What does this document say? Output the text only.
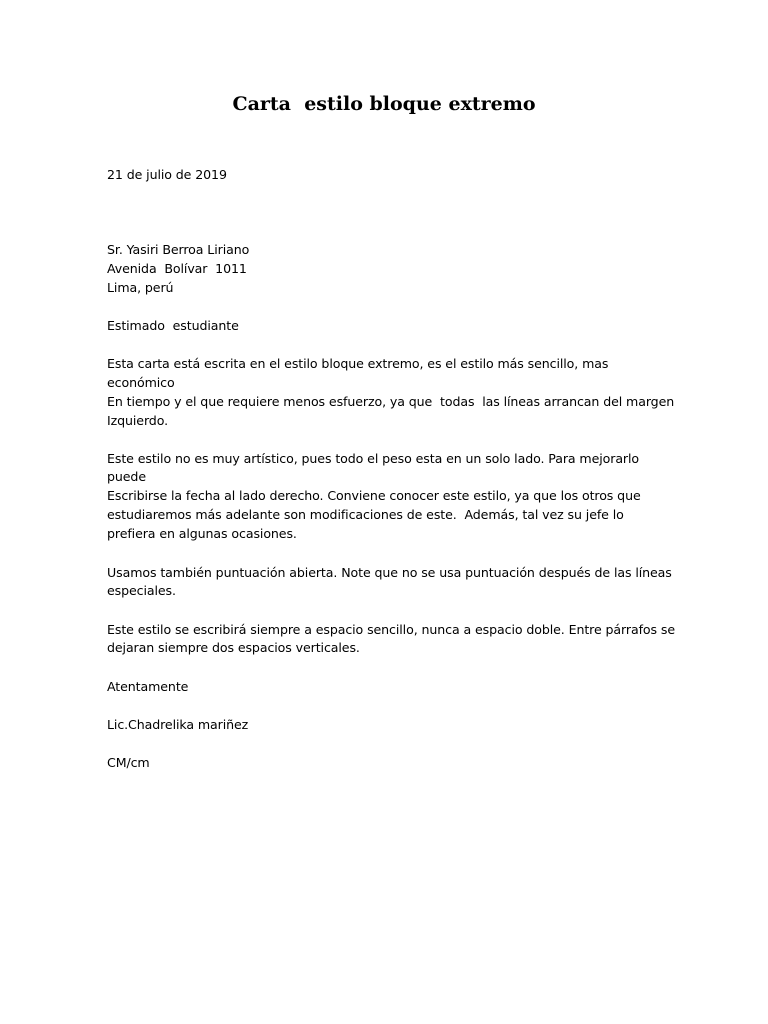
Carta  estilo bloque extremo
21 de julio de 2019
Sr. Yasiri Berroa Liriano
Avenida  Bolívar  1011
Lima, perú
Estimado  estudiante
Esta carta está escrita en el estilo bloque extremo, es el estilo más sencillo, mas
económico
En tiempo y el que requiere menos esfuerzo, ya que  todas  las líneas arrancan del margen
Izquierdo.
Este estilo no es muy artístico, pues todo el peso esta en un solo lado. Para mejorarlo
puede
Escribirse la fecha al lado derecho. Conviene conocer este estilo, ya que los otros que
estudiaremos más adelante son modificaciones de este.  Además, tal vez su jefe lo
prefiera en algunas ocasiones.
Usamos también puntuación abierta. Note que no se usa puntuación después de las líneas
especiales.
Este estilo se escribirá siempre a espacio sencillo, nunca a espacio doble. Entre párrafos se
dejaran siempre dos espacios verticales.
Atentamente
Lic.Chadrelika mariñez
CM/cm
